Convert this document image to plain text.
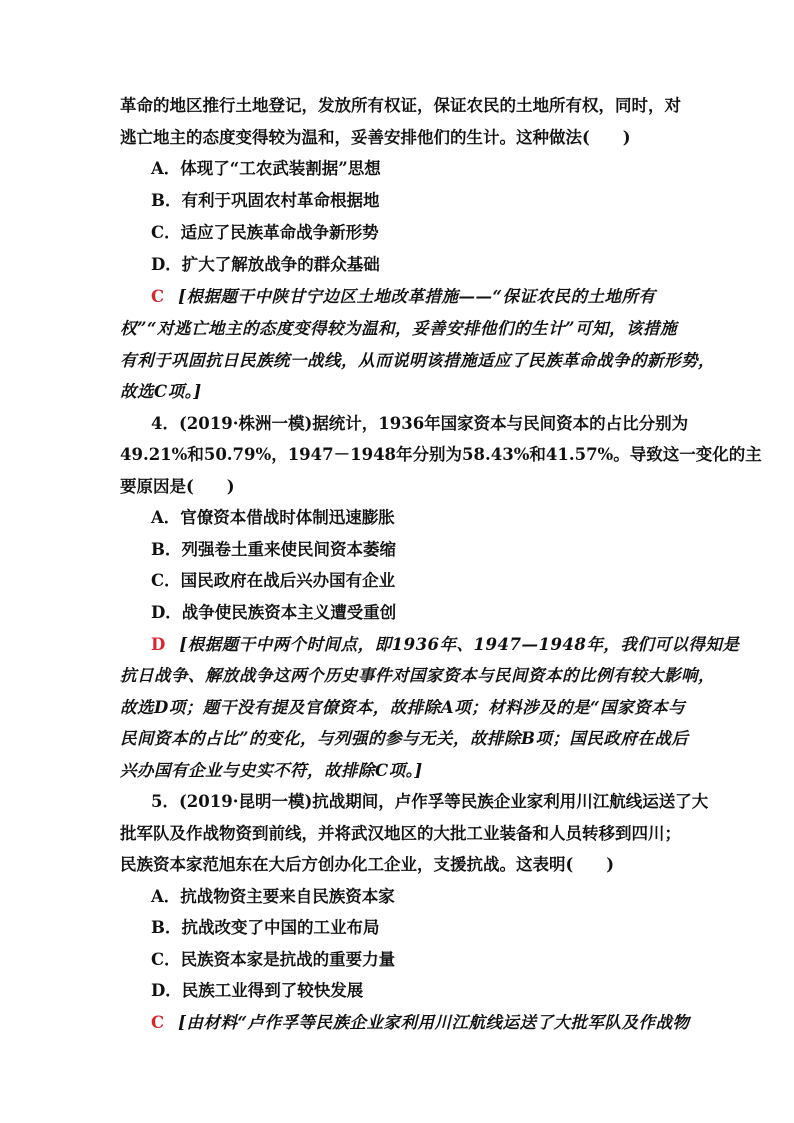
革命的地区推行土地登记，发放所有权证，保证农民的土地所有权，同时，对
逃亡地主的态度变得较为温和，妥善安排他们的生计。这种做法(　　)
A．体现了“工农武装割据”思想
B．有利于巩固农村革命根据地
C．适应了民族革命战争新形势
D．扩大了解放战争的群众基础
C [根据题干中陕甘宁边区土地改革措施——“保证农民的土地所有
权”“对逃亡地主的态度变得较为温和，妥善安排他们的生计”可知，该措施
有利于巩固抗日民族统一战线，从而说明该措施适应了民族革命战争的新形势，
故选C项。]
4．(2019·株洲一模)据统计，1936年国家资本与民间资本的占比分别为
49.21%和50.79%，1947－1948年分别为58.43%和41.57%。导致这一变化的主
要原因是(　　)
A．官僚资本借战时体制迅速膨胀
B．列强卷土重来使民间资本萎缩
C．国民政府在战后兴办国有企业
D．战争使民族资本主义遭受重创
D [根据题干中两个时间点，即1936年、1947—1948年，我们可以得知是
抗日战争、解放战争这两个历史事件对国家资本与民间资本的比例有较大影响，
故选D项；题干没有提及官僚资本，故排除A项；材料涉及的是“国家资本与
民间资本的占比”的变化，与列强的参与无关，故排除B项；国民政府在战后
兴办国有企业与史实不符，故排除C项。]
5．(2019·昆明一模)抗战期间，卢作孚等民族企业家利用川江航线运送了大
批军队及作战物资到前线，并将武汉地区的大批工业装备和人员转移到四川；
民族资本家范旭东在大后方创办化工企业，支援抗战。这表明(　　)
A．抗战物资主要来自民族资本家
B．抗战改变了中国的工业布局
C．民族资本家是抗战的重要力量
D．民族工业得到了较快发展
C [由材料“卢作孚等民族企业家利用川江航线运送了大批军队及作战物
